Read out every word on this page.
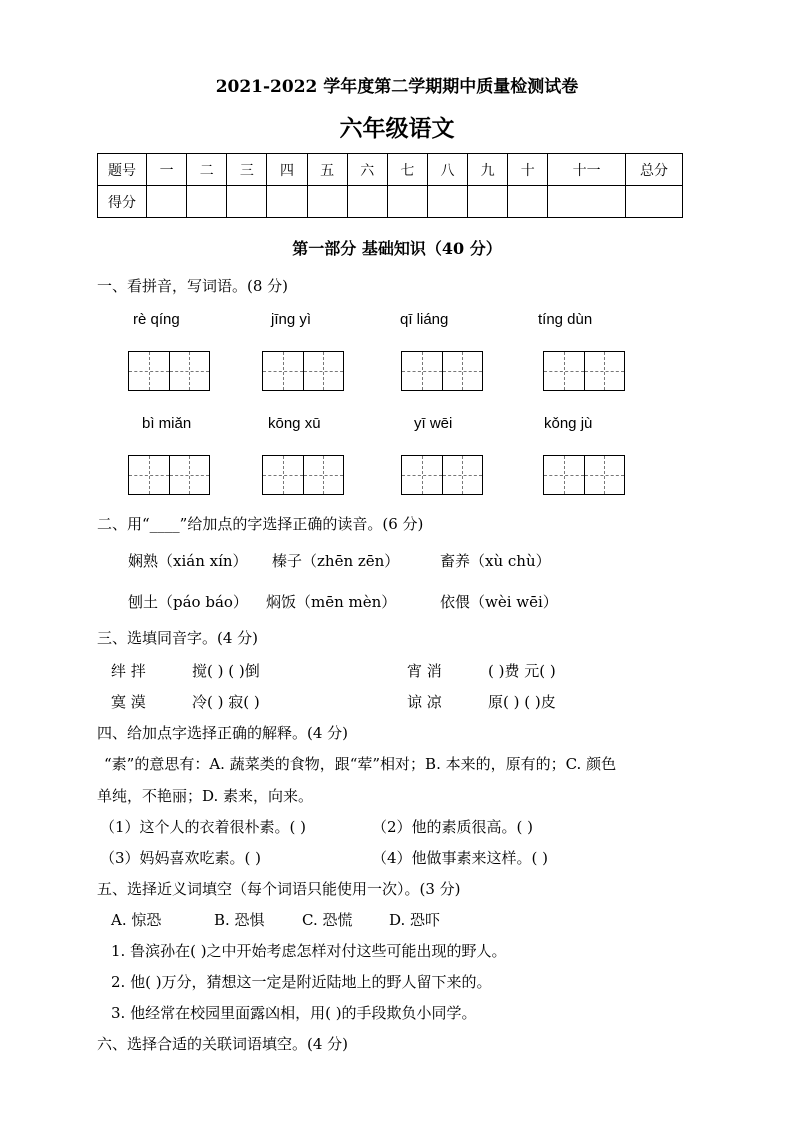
2021-2022 学年度第二学期期中质量检测试卷
六年级语文
题号	一	二	三	四	五	六	七	八	九	十	十一	总分
得分												
第一部分 基础知识（40 分）
一、看拼音，写词语。(8 分)
rè qíng	jīng yì	qī liáng	tíng dùn
bì miǎn	kōng xū	yī wēi	kǒng jù
二、用“____”给加点的字选择正确的读音。(6 分)
娴熟（xián xín） 榛子（zhēn zēn）	畜养（xù chù）
刨土（páo báo） 焖饭（mēn mèn）	依偎（wèi wēi）
三、选填同音字。(4 分)
绊 拌	搅( ) ( )倒	宵 消	( )费 元( )
寞 漠	冷( ) 寂( )	谅 凉	原( ) ( )皮
四、给加点字选择正确的解释。(4 分)
“素”的意思有：A. 蔬菜类的食物，跟“荤”相对；B. 本来的，原有的；C. 颜色
单纯，不艳丽；D. 素来，向来。
（1）这个人的衣着很朴素。( )	（2）他的素质很高。( )
（3）妈妈喜欢吃素。( )	（4）他做事素来这样。( )
五、选择近义词填空（每个词语只能使用一次）。(3 分)
A. 惊恐	B. 恐惧 C. 恐慌 D. 恐吓
1. 鲁滨孙在( )之中开始考虑怎样对付这些可能出现的野人。
2. 他( )万分，猜想这一定是附近陆地上的野人留下来的。
3. 他经常在校园里面露凶相，用( )的手段欺负小同学。
六、选择合适的关联词语填空。(4 分)
